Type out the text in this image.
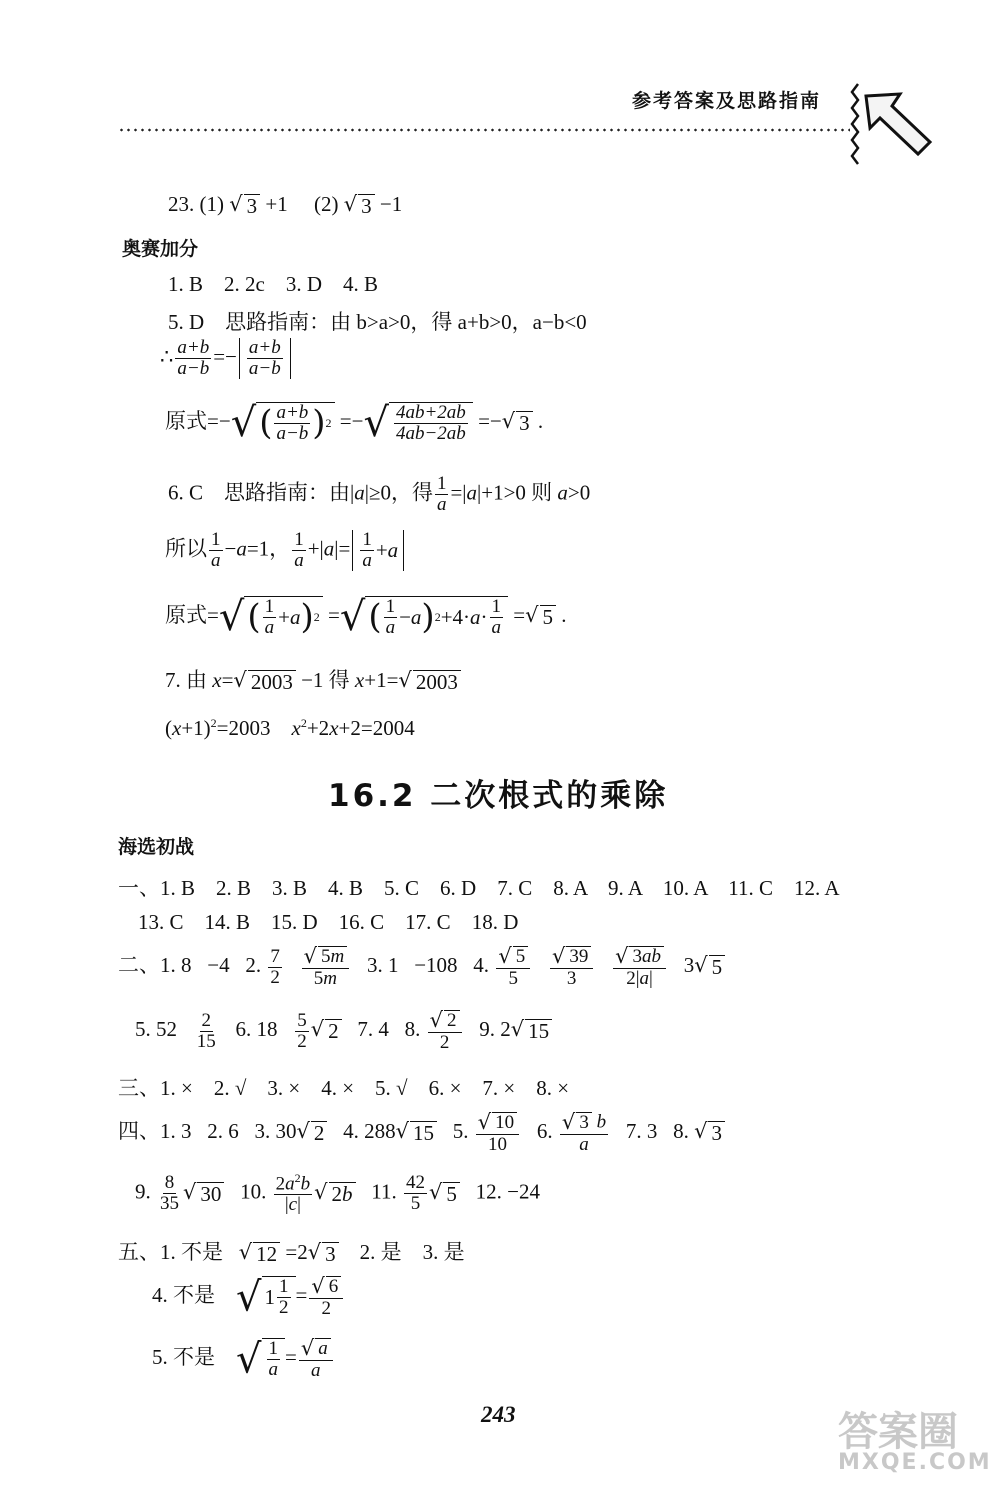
参考答案及思路指南
23. (1) √ 3 +1     (2) √ 3 −1
奥赛加分
1. B　2. 2c　3. D　4. B
5. D　思路指南：由 b>a>0，得 a+b>0，a−b<0
∴ $\frac{a+b}{a-b} =- \frac{a+b}{a-b}$
原式=−√ ( $\frac{a+b}{a-b}$ ) 2 =−√ $\frac{4ab+2ab}{4ab-2ab}$ =− √ 3 .
6. C　思路指南：由|a|≥0，得 $\frac{1}{a} =|a|+1>0$ 则 a>0
所以 $\frac{1}{a} -a=1$， $\frac{1}{a} +|a|= \frac{1}{a} + a$
原式=√ ( $\frac{1}{a} + a$ ) 2 =√ ( $\frac{1}{a} - a$ ) $2 +4\cdot a \cdot \frac{1}{a}$ = √ 5 .
7. 由 x= √ 2003 −1 得 x+1= √ 2003
$(x+1)^2=2003$    $x^2+2x+2=2004$
16.2 二次根式的乘除
海选初战
一、1. B　2. B　3. B　4. B　5. C　6. D　7. C　8. A　9. A　10. A　11. C　12. A
13. C　14. B　15. D　16. C　17. C　18. D
二、1. 8   −4   2. $\frac{7}{2}$
$\frac{√ 5m}{5m} 3$. 1   −108   4. $\frac{√ 5}{5}$
$\frac{√ 39}{3}$
$\frac{√ 3ab}{2|a|} 3$ √ 5
5. $52 \frac{2}{15} 6$. $18 \frac{5}{2}$ √ 2 7. 4   8. $\frac{√ 2}{2} 9$. 2 √ 15
三、1. ×　2. √　3. ×　4. ×　5. √　6. ×　7. ×　8. ×
四、1. 3   2. 6   3. 30 √ 2 4. 288 √ 15 5. $\frac{√ 10}{10} 6$. $\frac{√ 3 b}{a} 7$. 3   8. √ 3
9. $\frac{8}{35}$ √ 30 10. $\frac{2a^2b}{|c|}$ √ 2b 11. $\frac{42}{5}$ √ 5 12. −24
五、1. 不是 √ 12 =2 √ 3 2. 是    3. 是
4. 不是    √ $1 \frac{1}{2} = \frac{√ 6}{2}$
5. 不是    √ $\frac{1}{a} = \frac{√ a}{a}$
243	答案圈
MXQE.COM
